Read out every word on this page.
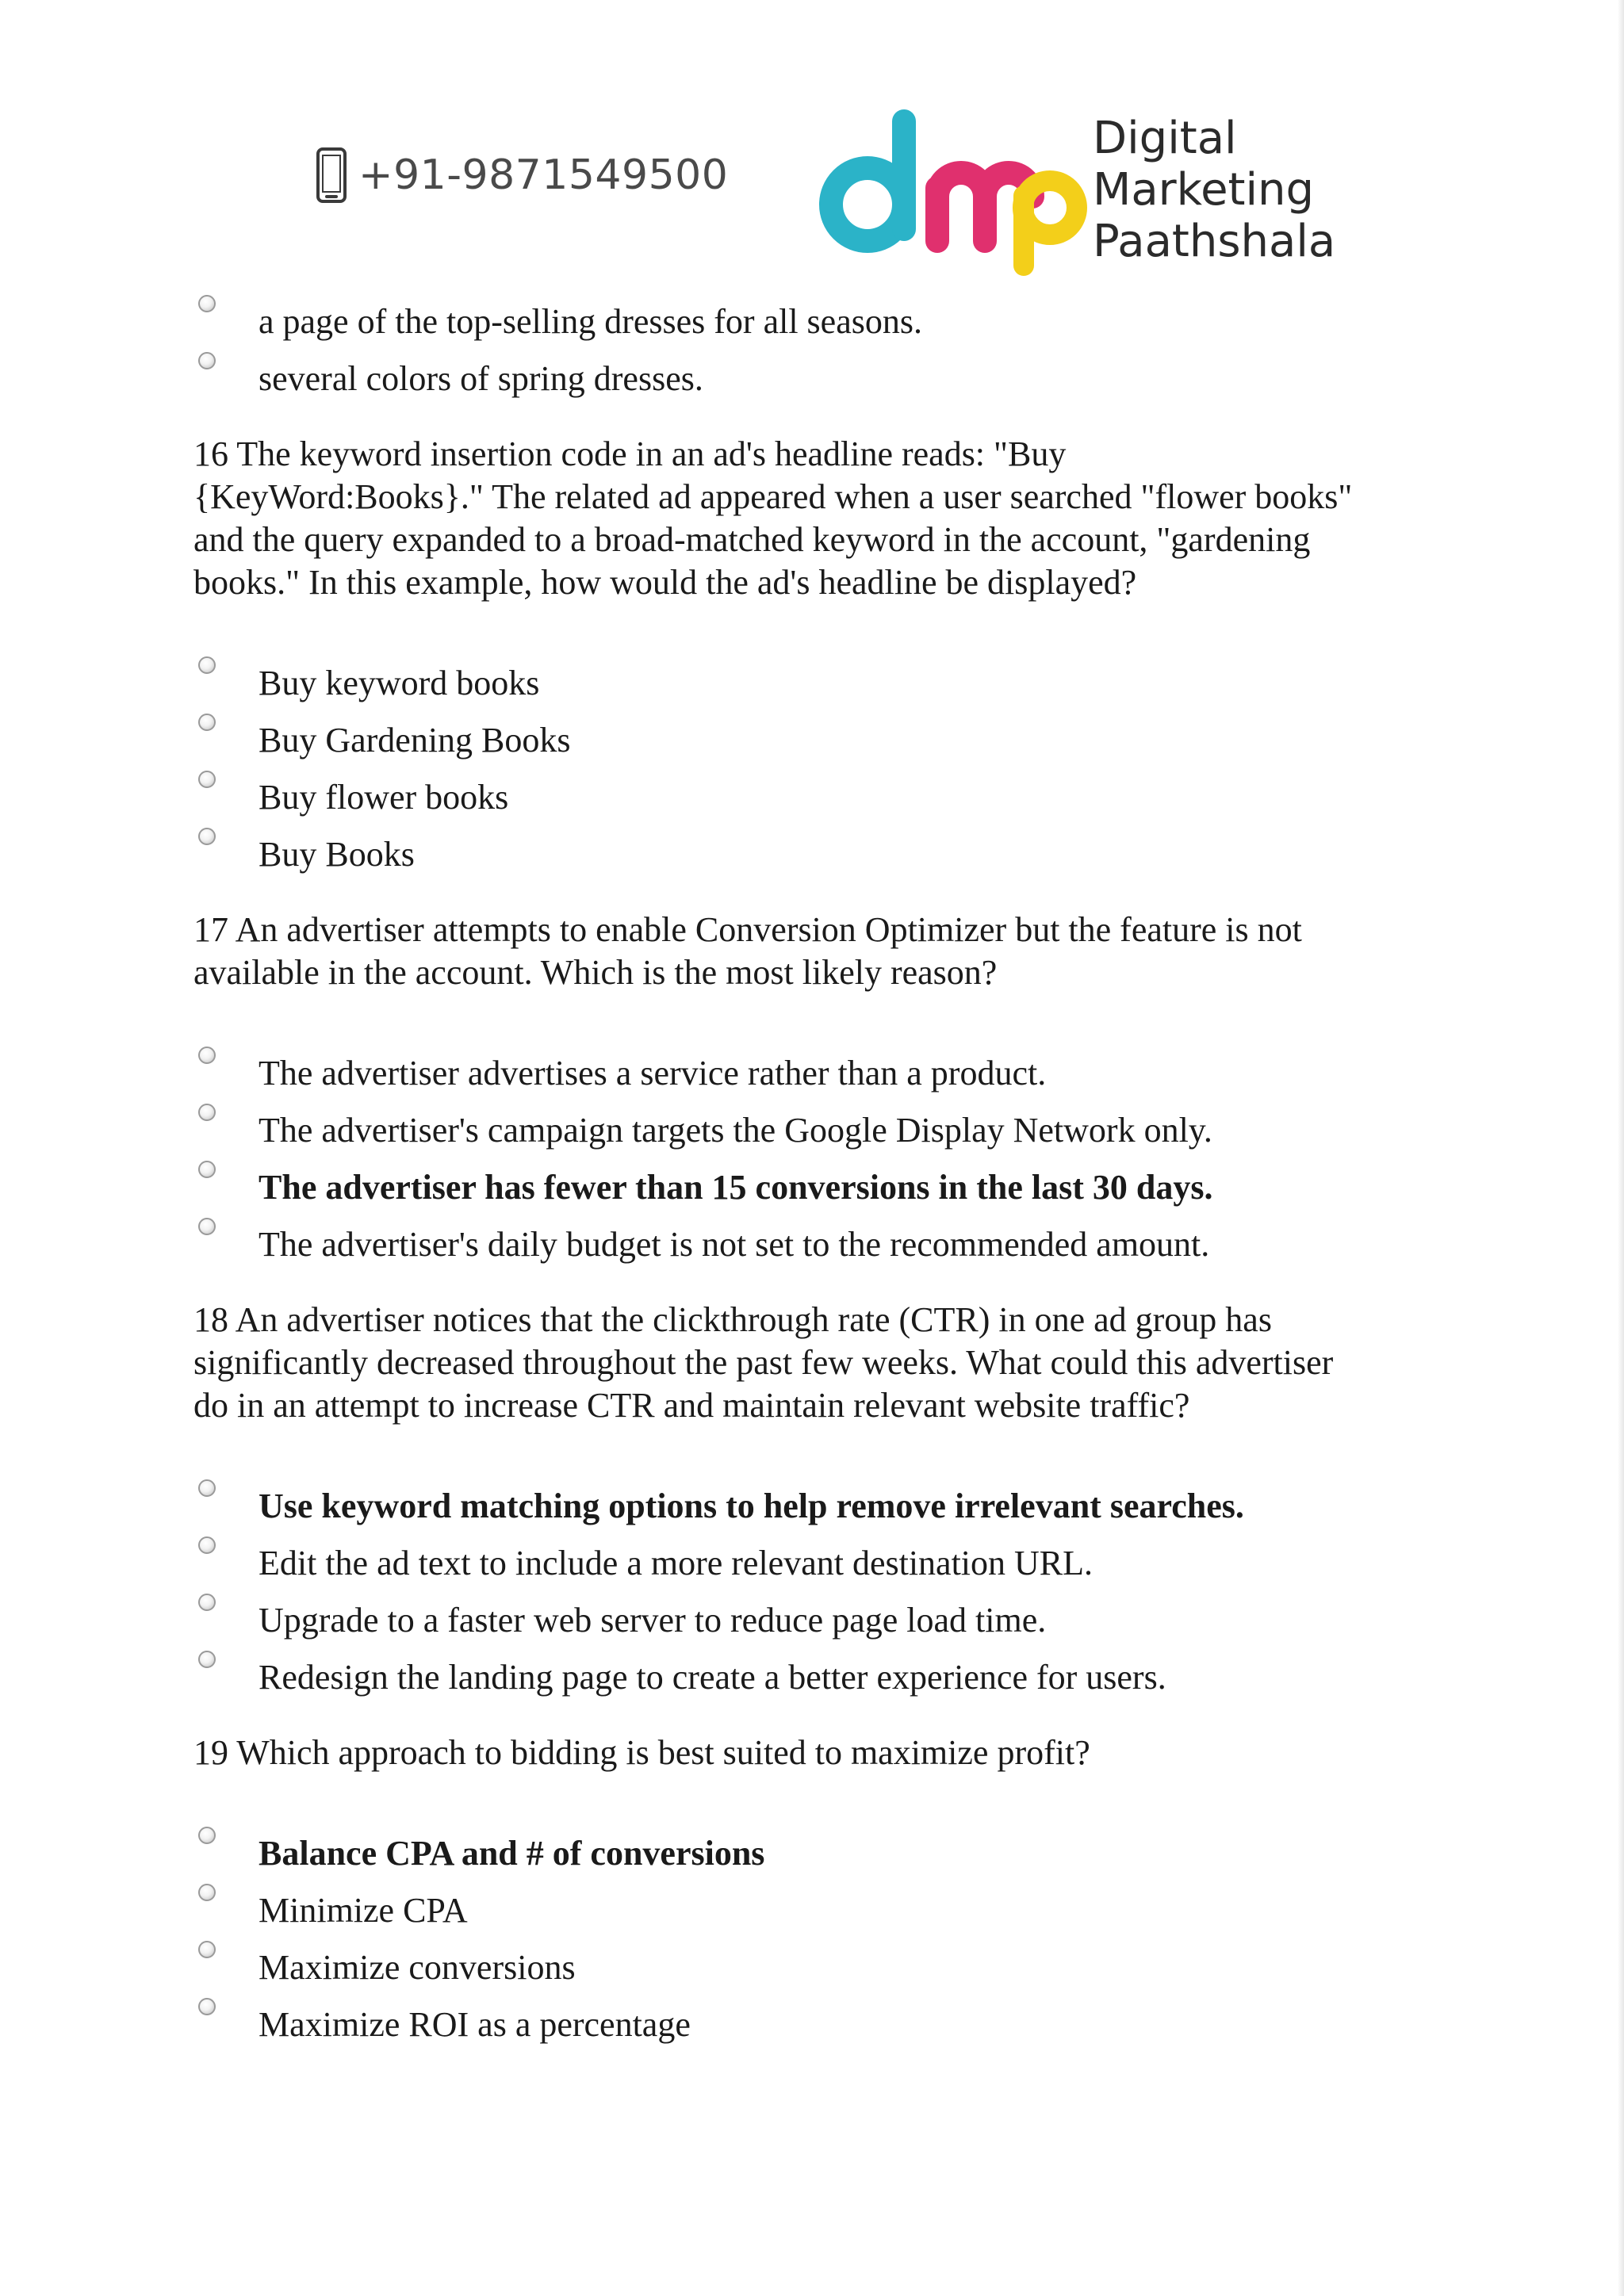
+91-9871549500
Digital
Marketing
Paathshala
a page of the top-selling dresses for all seasons.
several colors of spring dresses.
16 The keyword insertion code in an ad's headline reads: "Buy
{KeyWord:Books}." The related ad appeared when a user searched "flower books"
and the query expanded to a broad-matched keyword in the account, "gardening
books." In this example, how would the ad's headline be displayed?
Buy keyword books
Buy Gardening Books
Buy flower books
Buy Books
17 An advertiser attempts to enable Conversion Optimizer but the feature is not
available in the account. Which is the most likely reason?
The advertiser advertises a service rather than a product.
The advertiser's campaign targets the Google Display Network only.
The advertiser has fewer than 15 conversions in the last 30 days.
The advertiser's daily budget is not set to the recommended amount.
18 An advertiser notices that the clickthrough rate (CTR) in one ad group has
significantly decreased throughout the past few weeks. What could this advertiser
do in an attempt to increase CTR and maintain relevant website traffic?
Use keyword matching options to help remove irrelevant searches.
Edit the ad text to include a more relevant destination URL.
Upgrade to a faster web server to reduce page load time.
Redesign the landing page to create a better experience for users.
19 Which approach to bidding is best suited to maximize profit?
Balance CPA and # of conversions
Minimize CPA
Maximize conversions
Maximize ROI as a percentage
